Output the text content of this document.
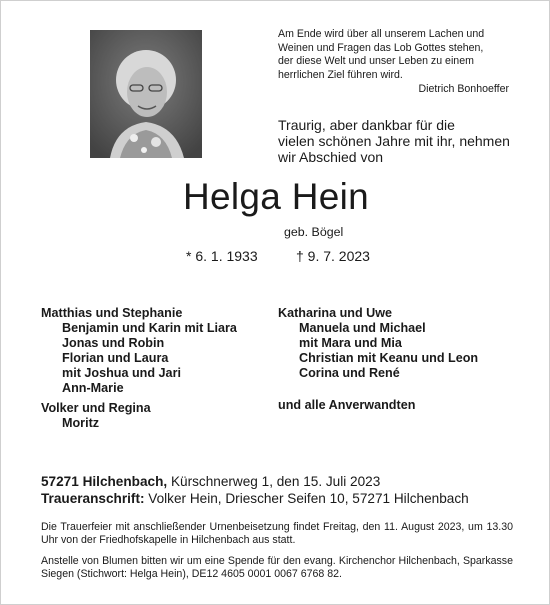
Am Ende wird über all unserem Lachen und
Weinen und Fragen das Lob Gottes stehen,
der diese Welt und unser Leben zu einem
herrlichen Ziel führen wird.
Dietrich Bonhoeffer
Traurig, aber dankbar für die
vielen schönen Jahre mit ihr, nehmen
wir Abschied von
Helga Hein
geb. Bögel
* 6. 1. 1933	† 9. 7. 2023
Matthias und Stephanie
Benjamin und Karin mit Liara
Jonas und Robin
Florian und Laura
mit Joshua und Jari
Ann-Marie
Volker und Regina
Moritz
Katharina und Uwe
Manuela und Michael
mit Mara und Mia
Christian mit Keanu und Leon
Corina und René
und alle Anverwandten
57271 Hilchenbach, Kürschnerweg 1, den 15. Juli 2023
Traueranschrift: Volker Hein, Driescher Seifen 10, 57271 Hilchenbach
Die Trauerfeier mit anschließender Urnenbeisetzung findet Freitag, den 11. August 2023, um 13.30 Uhr von der Friedhofskapelle in Hilchenbach aus statt.
Anstelle von Blumen bitten wir um eine Spende für den evang. Kirchenchor Hilchenbach, Sparkasse Siegen (Stichwort: Helga Hein), DE12 4605 0001 0067 6768 82.
